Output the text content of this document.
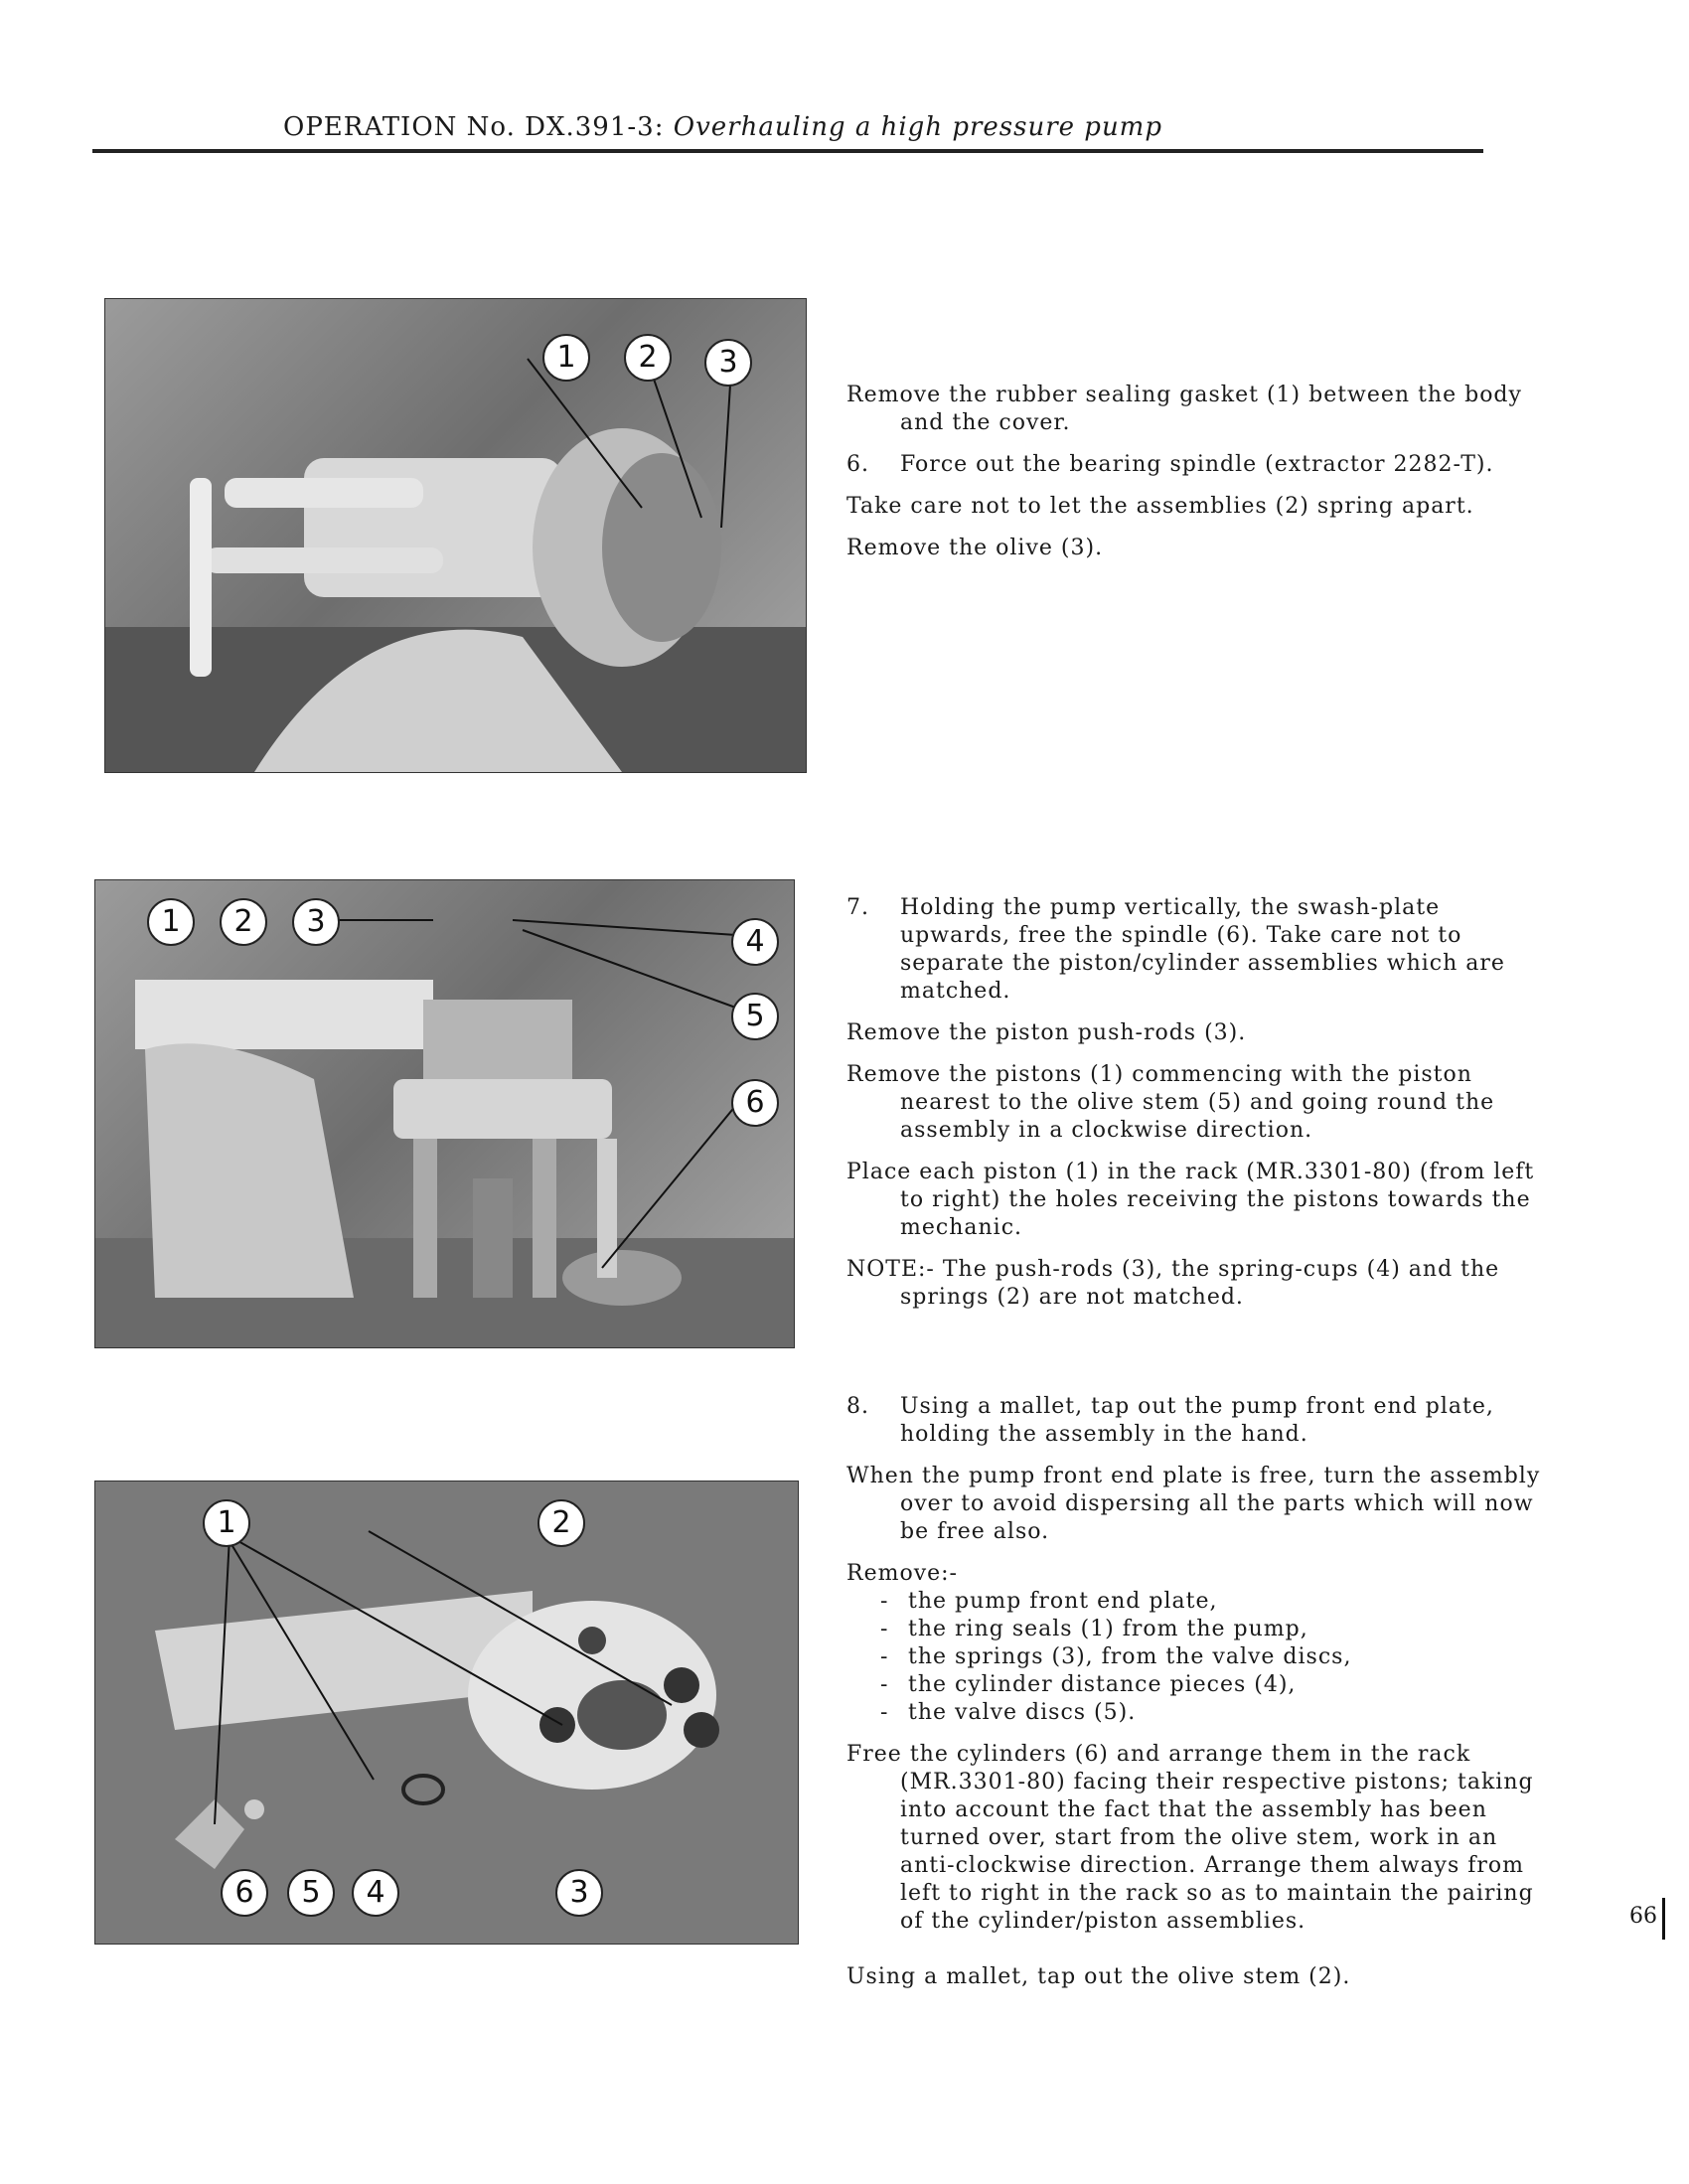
OPERATION No. DX.391-3: Overhauling a high pressure pump
1	2	3
1	2	3
4
5
6
1	2
6	5	4	3

Remove the rubber sealing gasket (1) between the body and the cover.

6. Force out the bearing spindle (extractor 2282-T).

Take care not to let the assemblies (2) spring apart.

Remove the olive (3).

7. Holding the pump vertically, the swash-plate upwards, free the spindle (6). Take care not to separate the piston/cylinder assemblies which are matched.

Remove the piston push-rods (3).

Remove the pistons (1) commencing with the piston nearest to the olive stem (5) and going round the assembly in a clockwise direction.

Place each piston (1) in the rack (MR.3301-80) (from left to right) the holes receiving the pistons towards the mechanic.

NOTE:- The push-rods (3), the spring-cups (4) and the springs (2) are not matched.

8. Using a mallet, tap out the pump front end plate, holding the assembly in the hand.

When the pump front end plate is free, turn the assembly over to avoid dispersing all the parts which will now be free also.

Remove:-

- the pump front end plate,
- the ring seals (1) from the pump,
- the springs (3), from the valve discs,
- the cylinder distance pieces (4),
- the valve discs (5).

Free the cylinders (6) and arrange them in the rack (MR.3301-80) facing their respective pistons; taking into account the fact that the assembly has been turned over, start from the olive stem, work in an anti-clockwise direction. Arrange them always from left to right in the rack so as to maintain the pairing of the cylinder/piston assemblies.

Using a mallet, tap out the olive stem (2).

66
